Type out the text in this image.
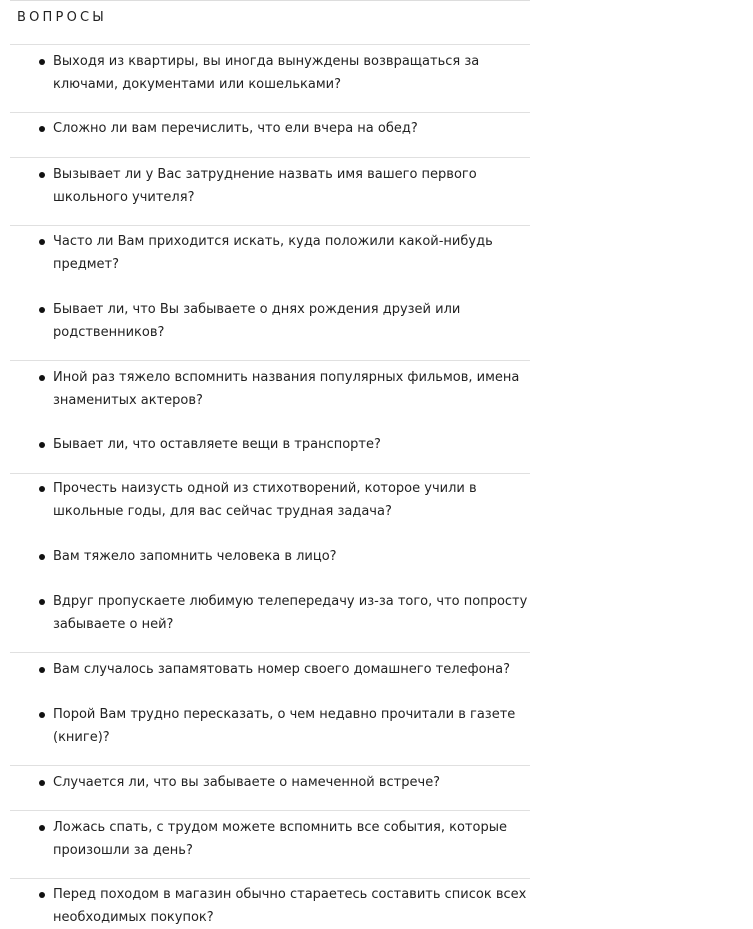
ВОПРОСЫ
Выходя из квартиры, вы иногда вынуждены возвращаться за
ключами, документами или кошельками?
Сложно ли вам перечислить, что ели вчера на обед?
Вызывает ли у Вас затруднение назвать имя вашего первого
школьного учителя?
Часто ли Вам приходится искать, куда положили какой-нибудь
предмет?
Бывает ли, что Вы забываете о днях рождения друзей или
родственников?
Иной раз тяжело вспомнить названия популярных фильмов, имена
знаменитых актеров?
Бывает ли, что оставляете вещи в транспорте?
Прочесть наизусть одной из стихотворений, которое учили в
школьные годы, для вас сейчас трудная задача?
Вам тяжело запомнить человека в лицо?
Вдруг пропускаете любимую телепередачу из-за того, что попросту
забываете о ней?
Вам случалось запамятовать номер своего домашнего телефона?
Порой Вам трудно пересказать, о чем недавно прочитали в газете
(книге)?
Случается ли, что вы забываете о намеченной встрече?
Ложась спать, с трудом можете вспомнить все события, которые
произошли за день?
Перед походом в магазин обычно стараетесь составить список всех
необходимых покупок?
